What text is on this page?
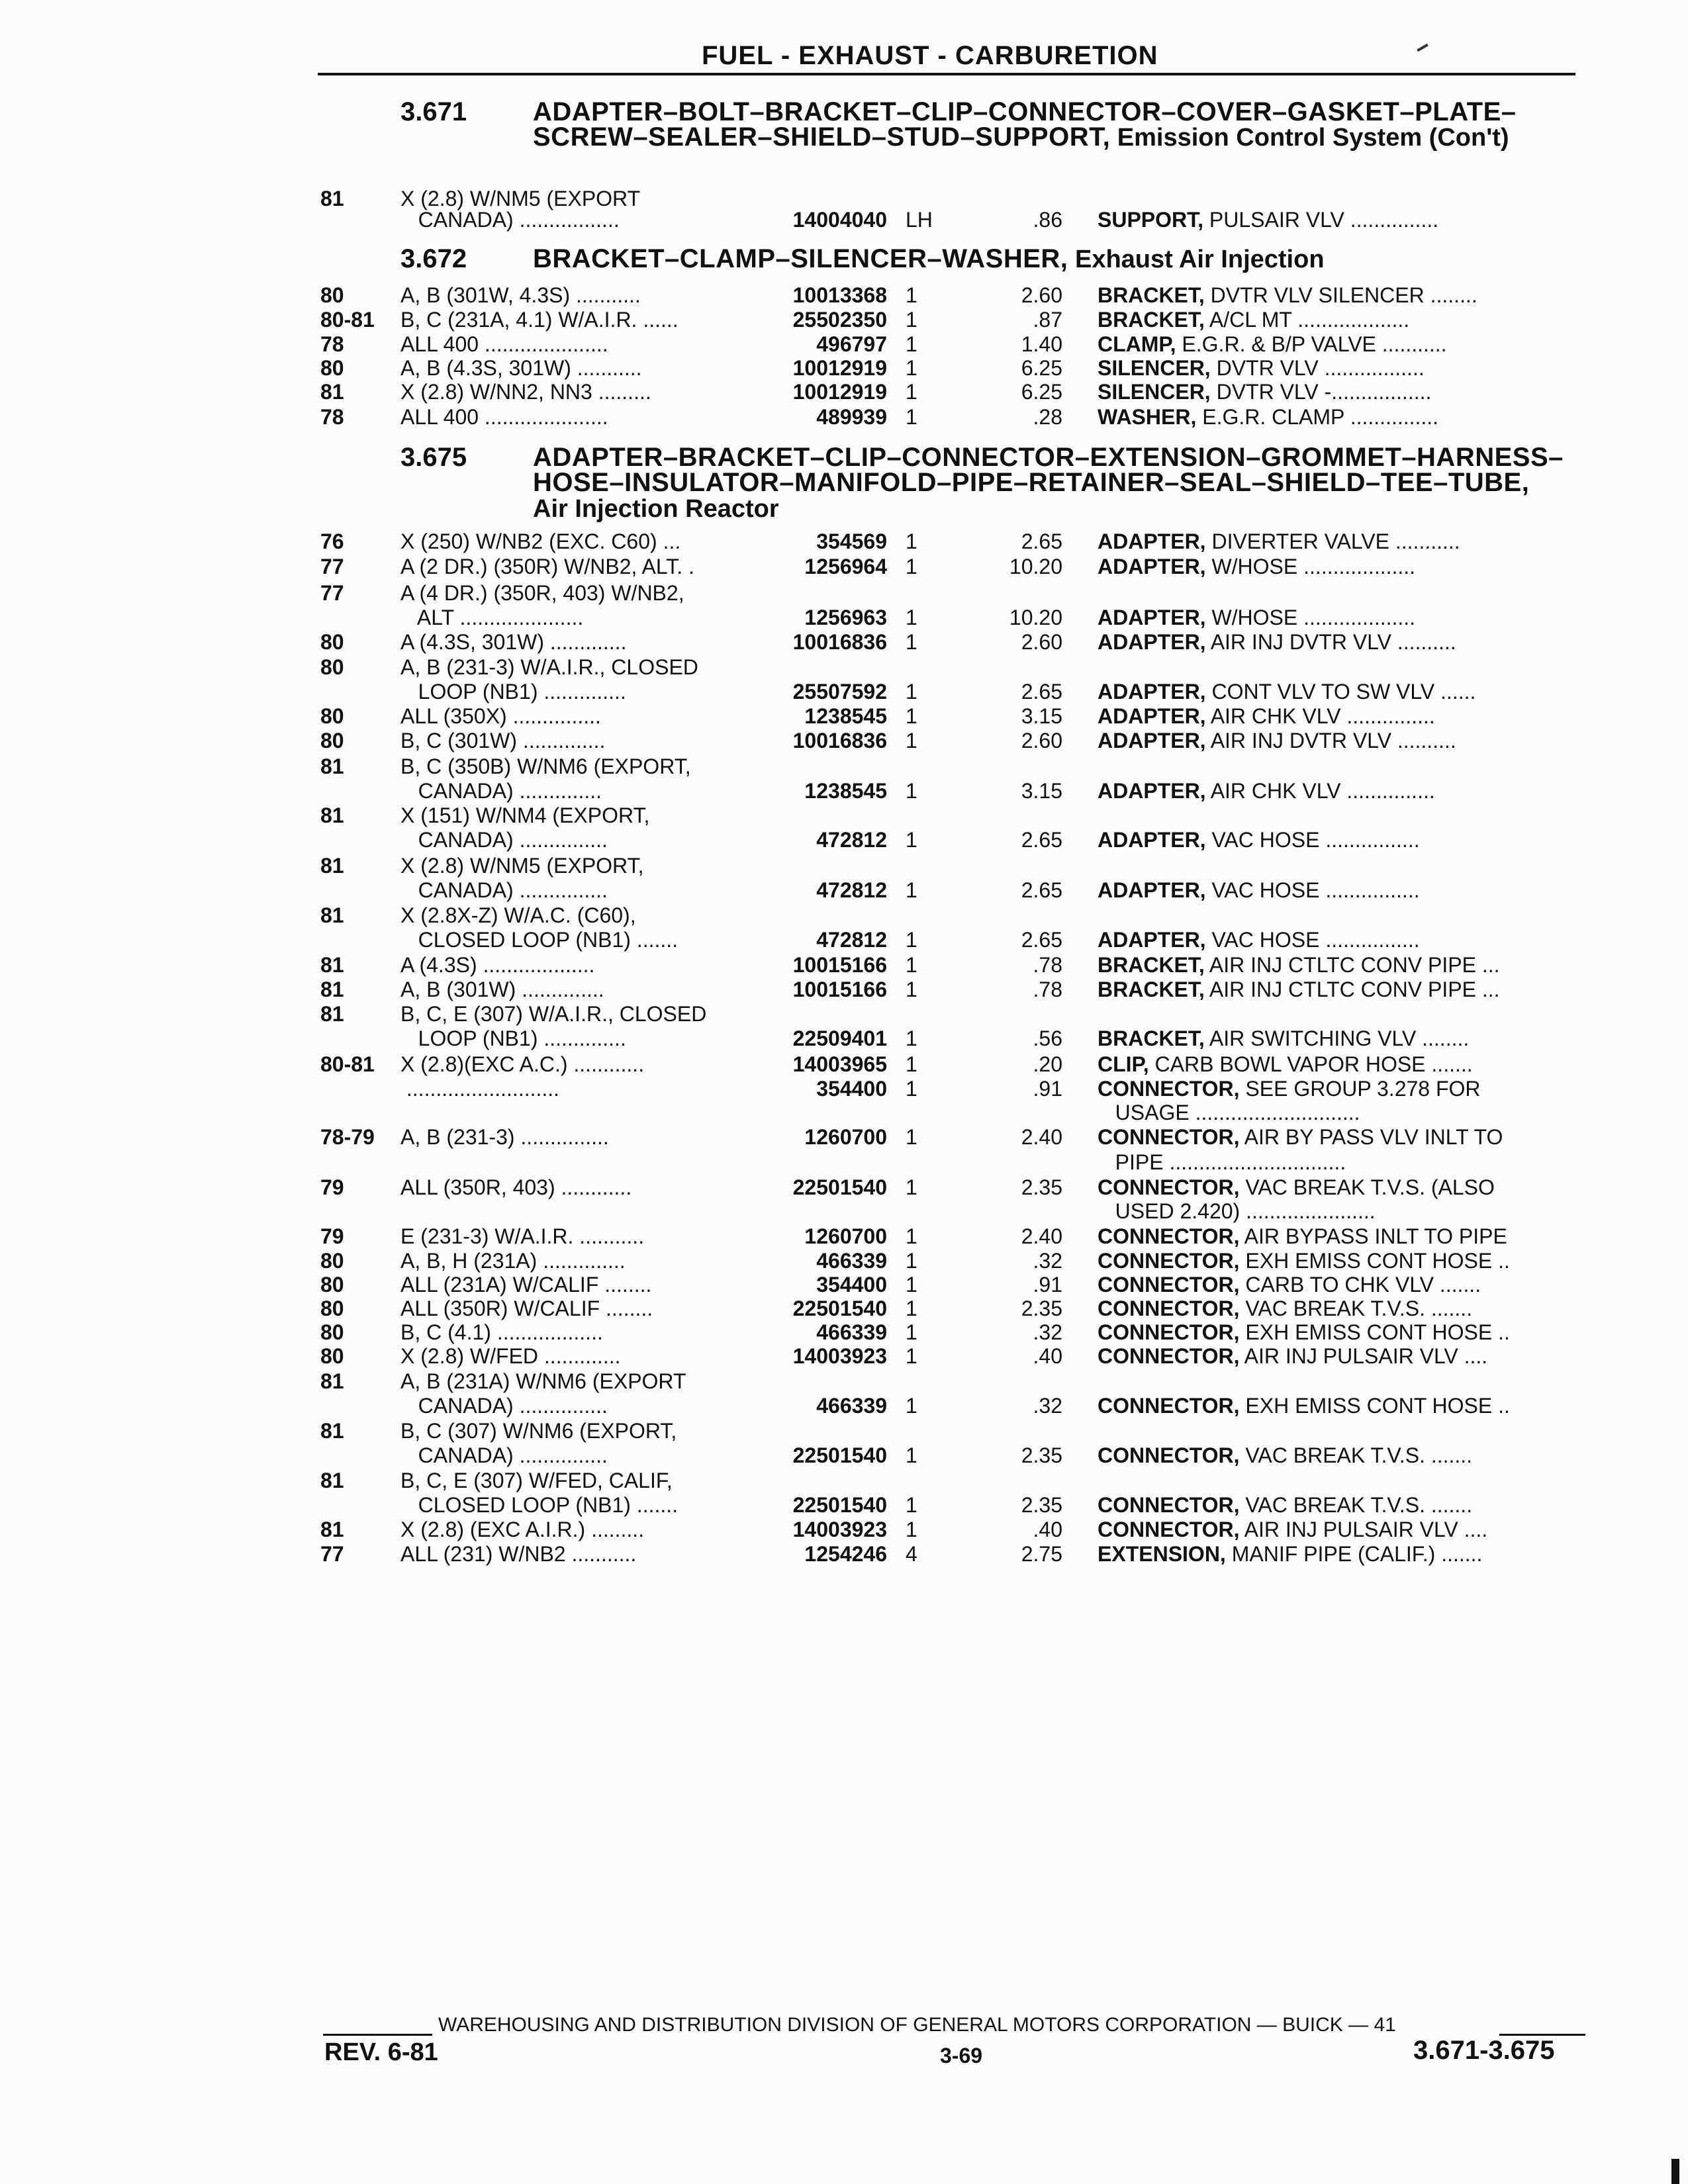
FUEL - EXHAUST - CARBURETION
3.671 ADAPTER–BOLT–BRACKET–CLIP–CONNECTOR–COVER–GASKET–PLATE–SCREW–SEALER–SHIELD–STUD–SUPPORT, Emission Control System (Con't)
3.672 BRACKET–CLAMP–SILENCER–WASHER, Exhaust Air Injection
3.675 ADAPTER–BRACKET–CLIP–CONNECTOR–EXTENSION–GROMMET–HARNESS–HOSE–INSULATOR–MANIFOLD–PIPE–RETAINER–SEAL–SHIELD–TEE–TUBE, Air Injection Reactor
81	X (2.8) W/NM5 (EXPORT
CANADA) .................	14004040 LH	.86 SUPPORT, PULSAIR VLV ...............
80	A, B (301W, 4.3S) ...........	10013368 1	2.60 BRACKET, DVTR VLV SILENCER ........
80-81 B, C (231A, 4.1) W/A.I.R. ......	25502350 1	.87 BRACKET, A/CL MT ...................
78	ALL 400 .....................	496797 1	1.40 CLAMP, E.G.R. & B/P VALVE ...........
80	A, B (4.3S, 301W) ...........	10012919 1	6.25 SILENCER, DVTR VLV .................
81	X (2.8) W/NN2, NN3 .........	10012919 1	6.25 SILENCER, DVTR VLV -.................
78	ALL 400 .....................	489939 1	.28 WASHER, E.G.R. CLAMP ...............
76	X (250) W/NB2 (EXC. C60) ...	354569 1	2.65 ADAPTER, DIVERTER VALVE ...........
77	A (2 DR.) (350R) W/NB2, ALT. .	1256964 1	10.20 ADAPTER, W/HOSE ...................
77	A (4 DR.) (350R, 403) W/NB2,
ALT .....................	1256963 1	10.20 ADAPTER, W/HOSE ...................
80	A (4.3S, 301W) .............	10016836 1	2.60 ADAPTER, AIR INJ DVTR VLV ..........
80	A, B (231-3) W/A.I.R., CLOSED
LOOP (NB1) ..............	25507592 1	2.65 ADAPTER, CONT VLV TO SW VLV ......
80	ALL (350X) ...............	1238545 1	3.15 ADAPTER, AIR CHK VLV ...............
80	B, C (301W) ..............	10016836 1	2.60 ADAPTER, AIR INJ DVTR VLV ..........
81	B, C (350B) W/NM6 (EXPORT,
CANADA) ..............	1238545 1	3.15 ADAPTER, AIR CHK VLV ...............
81	X (151) W/NM4 (EXPORT,
CANADA) ...............	472812 1	2.65 ADAPTER, VAC HOSE ................
81	X (2.8) W/NM5 (EXPORT,
CANADA) ...............	472812 1	2.65 ADAPTER, VAC HOSE ................
81	X (2.8X-Z) W/A.C. (C60),
CLOSED LOOP (NB1) .......	472812 1	2.65 ADAPTER, VAC HOSE ................
81	A (4.3S) ...................	10015166 1	.78 BRACKET, AIR INJ CTLTC CONV PIPE ...
81	A, B (301W) ..............	10015166 1	.78 BRACKET, AIR INJ CTLTC CONV PIPE ...
81	B, C, E (307) W/A.I.R., CLOSED
LOOP (NB1) ..............	22509401 1	.56 BRACKET, AIR SWITCHING VLV ........
80-81 X (2.8)(EXC A.C.) ............	14003965 1	.20 CLIP, CARB BOWL VAPOR HOSE .......
..........................	354400 1	.91 CONNECTOR, SEE GROUP 3.278 FOR
USAGE ............................
78-79 A, B (231-3) ...............	1260700 1	2.40 CONNECTOR, AIR BY PASS VLV INLT TO
PIPE ..............................
79	ALL (350R, 403) ............	22501540 1	2.35 CONNECTOR, VAC BREAK T.V.S. (ALSO
USED 2.420) ......................
79	E (231-3) W/A.I.R. ...........	1260700 1	2.40 CONNECTOR, AIR BYPASS INLT TO PIPE
80	A, B, H (231A) ..............	466339 1	.32 CONNECTOR, EXH EMISS CONT HOSE ..
80	ALL (231A) W/CALIF ........	354400 1	.91 CONNECTOR, CARB TO CHK VLV .......
80	ALL (350R) W/CALIF ........	22501540 1	2.35 CONNECTOR, VAC BREAK T.V.S. .......
80	B, C (4.1) ..................	466339 1	.32 CONNECTOR, EXH EMISS CONT HOSE ..
80	X (2.8) W/FED .............	14003923 1	.40 CONNECTOR, AIR INJ PULSAIR VLV ....
81	A, B (231A) W/NM6 (EXPORT
CANADA) ...............	466339 1	.32 CONNECTOR, EXH EMISS CONT HOSE ..
81	B, C (307) W/NM6 (EXPORT,
CANADA) ...............	22501540 1	2.35 CONNECTOR, VAC BREAK T.V.S. .......
81	B, C, E (307) W/FED, CALIF,
CLOSED LOOP (NB1) .......	22501540 1	2.35 CONNECTOR, VAC BREAK T.V.S. .......
81	X (2.8) (EXC A.I.R.) .........	14003923 1	.40 CONNECTOR, AIR INJ PULSAIR VLV ....
77	ALL (231) W/NB2 ...........	1254246 4	2.75 EXTENSION, MANIF PIPE (CALIF.) .......
WAREHOUSING AND DISTRIBUTION DIVISION OF GENERAL MOTORS CORPORATION — BUICK — 41
REV. 6-81	3-69	3.671-3.675
